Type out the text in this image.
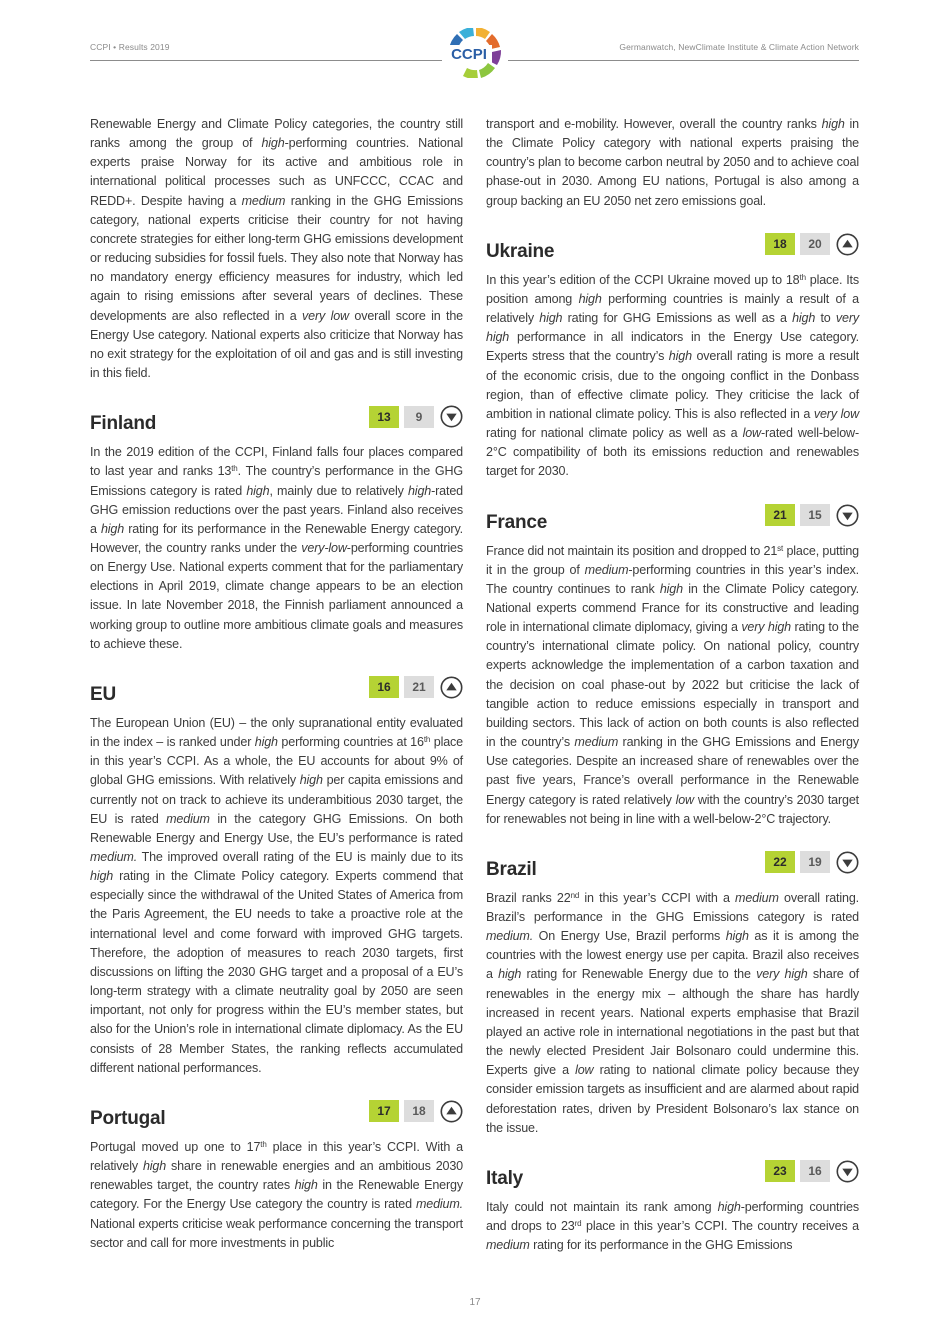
CCPI • Results 2019	Germanwatch, NewClimate Institute & Climate Action Network
CCPI

Renewable Energy and Climate Policy categories, the country still ranks among the group of high-performing countries. National experts praise Norway for its active and ambitious role in international political processes such as UNFCCC, CCAC and REDD+. Despite having a medium ranking in the GHG Emissions category, national experts criticise their country for not having concrete strategies for either long-term GHG emissions development or reducing subsidies for fossil fuels. They also note that Norway has no mandatory energy efficiency measures for industry, which led again to rising emissions after several years of declines. These developments are also reflected in a very low overall score in the Energy Use category. National experts also criticize that Norway has no exit strategy for the exploitation of oil and gas and is still investing in this field.

Finland	13	9

In the 2019 edition of the CCPI, Finland falls four places compared to last year and ranks 13th. The country’s performance in the GHG Emissions category is rated high, mainly due to relatively high-rated GHG emission reductions over the past years. Finland also receives a high rating for its performance in the Renewable Energy category. However, the country ranks under the very-low-performing countries on Energy Use. National experts comment that for the parliamentary elections in April 2019, climate change appears to be an election issue. In late November 2018, the Finnish parliament announced a working group to outline more ambitious climate goals and measures to achieve these.

EU	16	21

The European Union (EU) – the only supranational entity evaluated in the index – is ranked under high performing countries at 16th place in this year’s CCPI. As a whole, the EU accounts for about 9% of global GHG emissions. With relatively high per capita emissions and currently not on track to achieve its underambitious 2030 target, the EU is rated medium in the category GHG Emissions. On both Renewable Energy and Energy Use, the EU’s performance is rated medium. The improved overall rating of the EU is mainly due to its high rating in the Climate Policy category. Experts commend that especially since the withdrawal of the United States of America from the Paris Agreement, the EU needs to take a proactive role at the international level and come forward with improved GHG targets. Therefore, the adoption of measures to reach 2030 targets, first discussions on lifting the 2030 GHG target and a proposal of a EU’s long-term strategy with a climate neutrality goal by 2050 are seen important, not only for progress within the EU’s member states, but also for the Union’s role in international climate diplomacy. As the EU consists of 28 Member States, the ranking reflects accumulated different national performances.

Portugal	17	18

Portugal moved up one to 17th place in this year’s CCPI. With a relatively high share in renewable energies and an ambitious 2030 renewables target, the country rates high in the Renewable Energy category. For the Energy Use category the country is rated medium. National experts criticise weak performance concerning the transport sector and call for more investments in public

transport and e-mobility. However, overall the country ranks high in the Climate Policy category with national experts praising the country’s plan to become carbon neutral by 2050 and to achieve coal phase-out in 2030. Among EU nations, Portugal is also among a group backing an EU 2050 net zero emissions goal.

Ukraine	18	20

In this year’s edition of the CCPI Ukraine moved up to 18th place. Its position among high performing countries is mainly a result of a relatively high rating for GHG Emissions as well as a high to very high performance in all indicators in the Energy Use category. Experts stress that the country’s high overall rating is more a result of the economic crisis, due to the ongoing conflict in the Donbass region, than of effective climate policy. They criticise the lack of ambition in national climate policy. This is also reflected in a very low rating for national climate policy as well as a low-rated well-below-2°C compatibility of both its emissions reduction and renewables target for 2030.

France	21	15

France did not maintain its position and dropped to 21st place, putting it in the group of medium-performing countries in this year’s index. The country continues to rank high in the Climate Policy category. National experts commend France for its constructive and leading role in international climate diplomacy, giving a very high rating to the country’s international climate policy. On national policy, country experts acknowledge the implementation of a carbon taxation and the decision on coal phase-out by 2022 but criticise the lack of tangible action to reduce emissions especially in transport and building sectors. This lack of action on both counts is also reflected in the country’s medium ranking in the GHG Emissions and Energy Use categories. Despite an increased share of renewables over the past five years, France’s overall performance in the Renewable Energy category is rated relatively low with the country’s 2030 target for renewables not being in line with a well-below-2°C trajectory.

Brazil	22	19

Brazil ranks 22nd in this year’s CCPI with a medium overall rating. Brazil’s performance in the GHG Emissions category is rated medium. On Energy Use, Brazil performs high as it is among the countries with the lowest energy use per capita. Brazil also receives a high rating for Renewable Energy due to the very high share of renewables in the energy mix – although the share has hardly increased in recent years. National experts emphasise that Brazil played an active role in international negotiations in the past but that the newly elected President Jair Bolsonaro could undermine this. Experts give a low rating to national climate policy because they consider emission targets as insufficient and are alarmed about rapid deforestation rates, driven by President Bolsonaro’s lax stance on the issue.

Italy	23	16

Italy could not maintain its rank among high-performing countries and drops to 23rd place in this year’s CCPI. The country receives a medium rating for its performance in the GHG Emissions

17
